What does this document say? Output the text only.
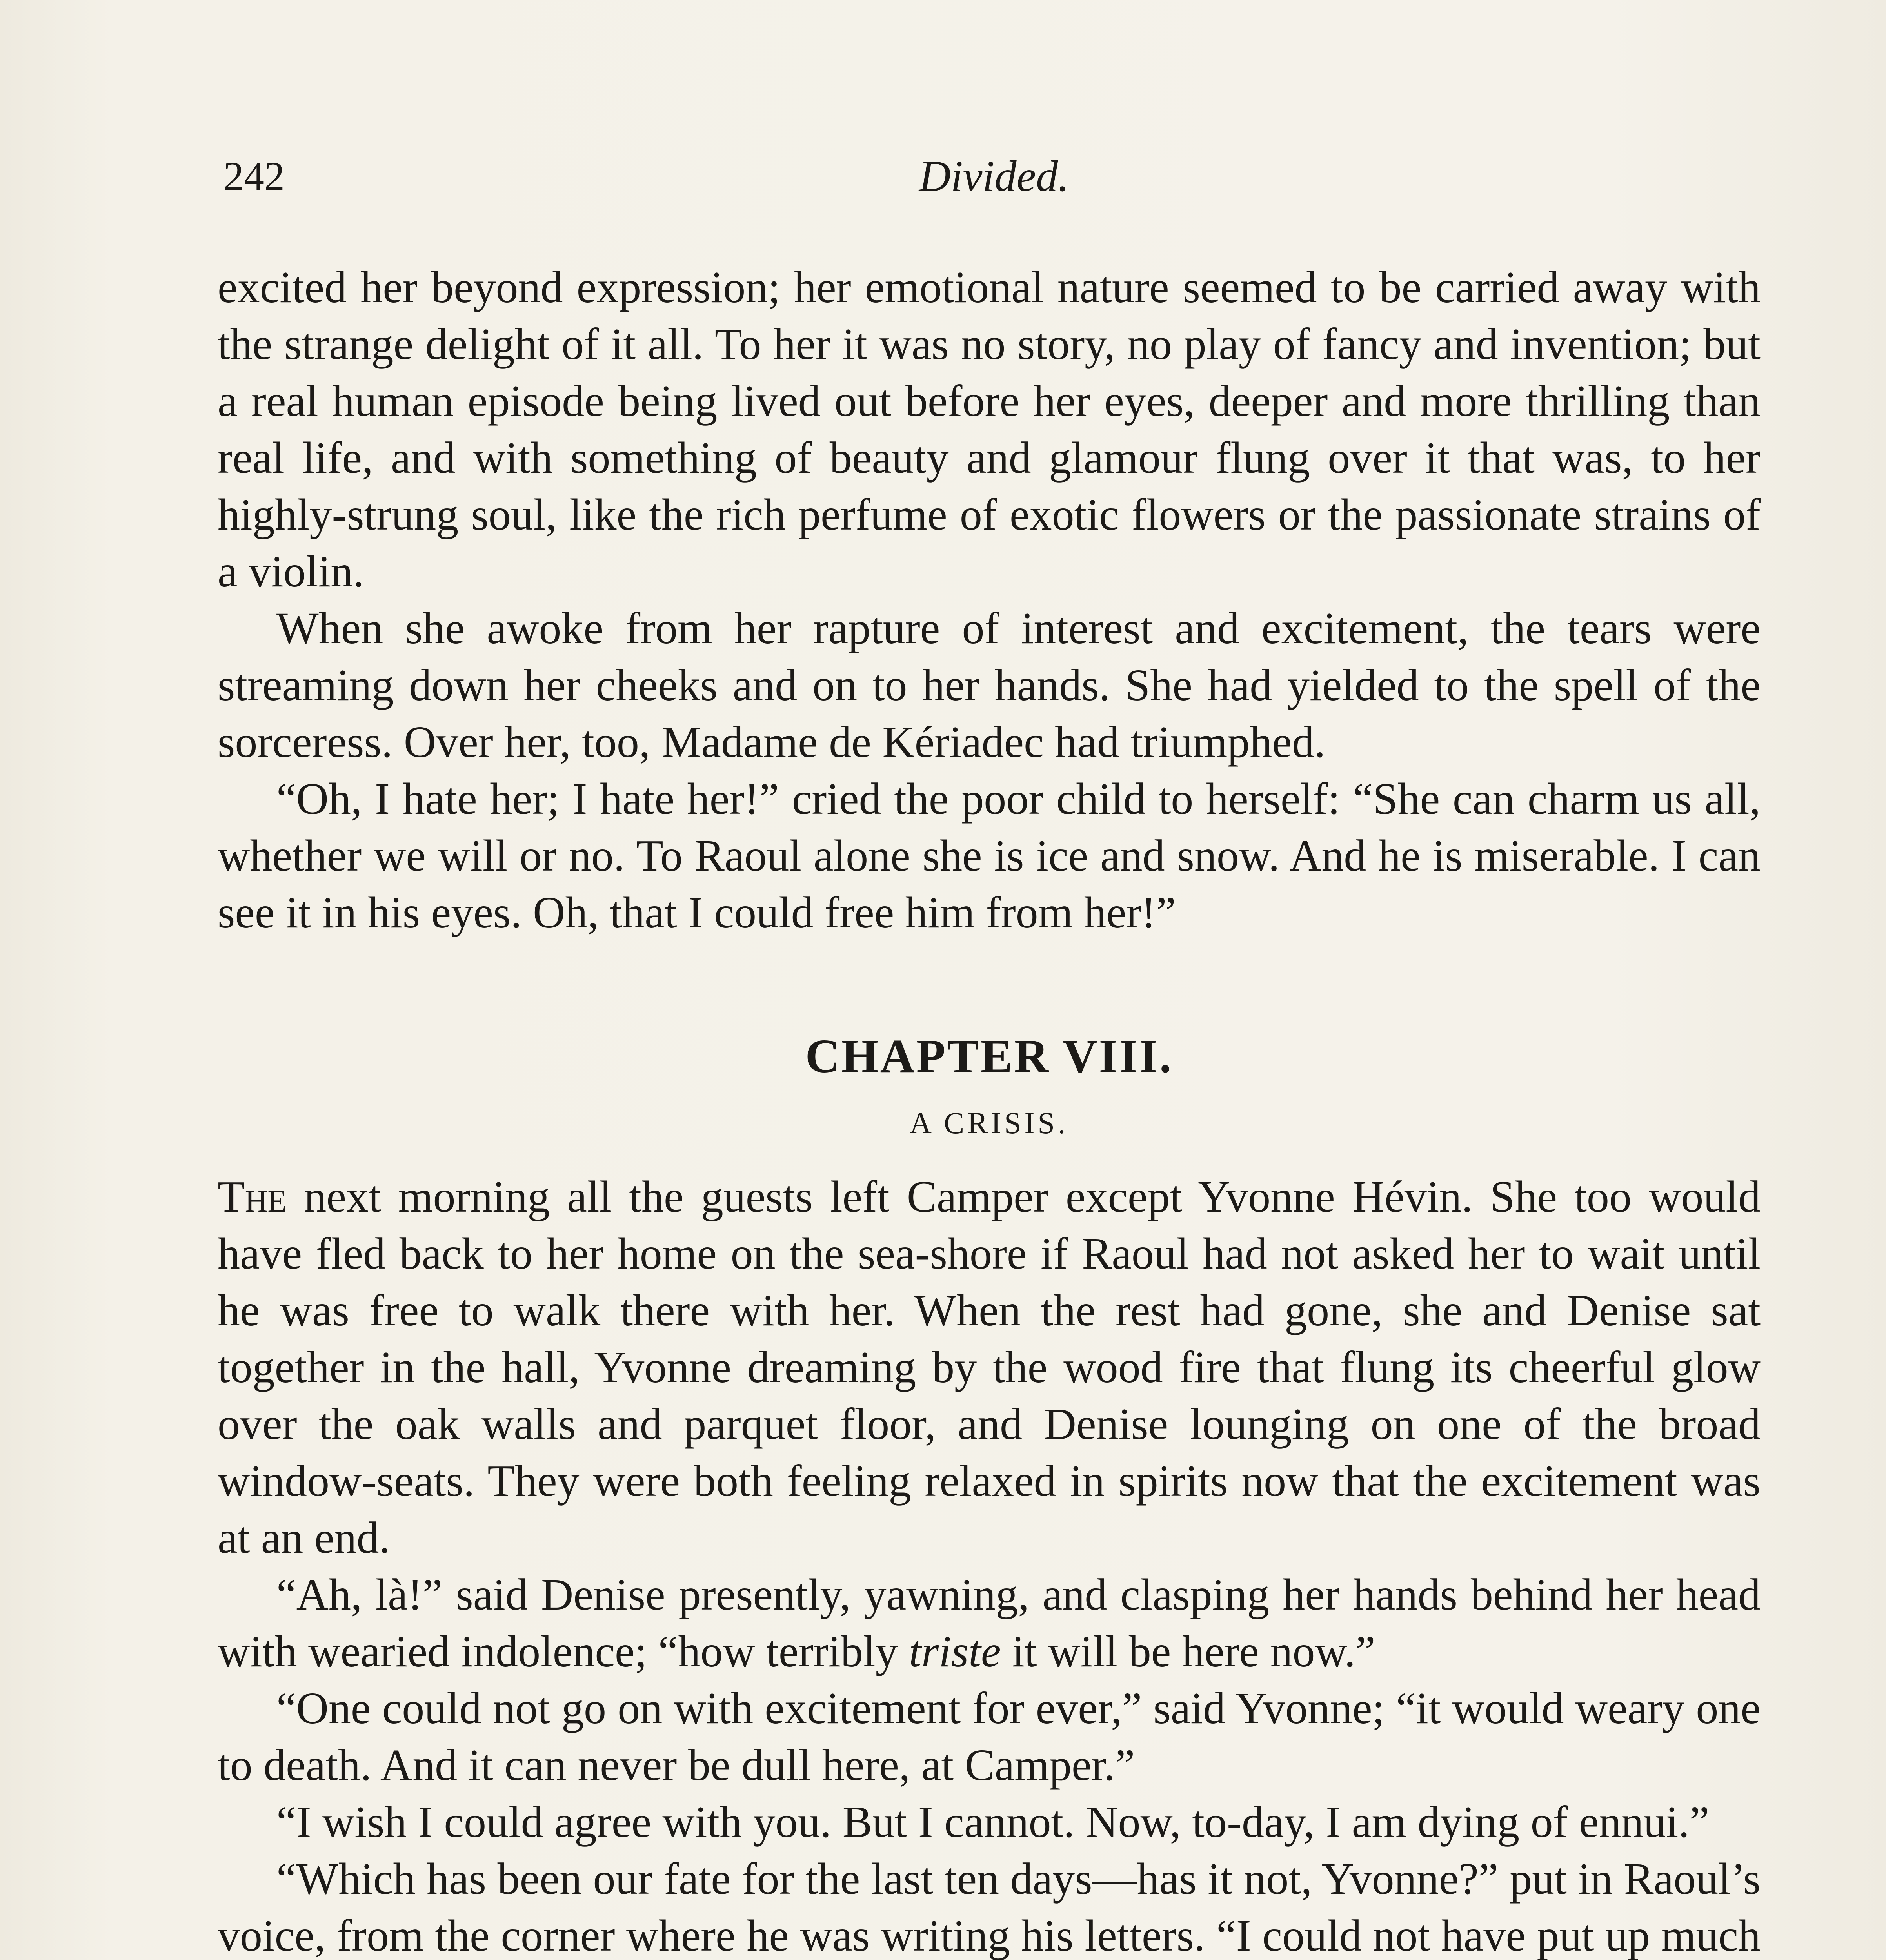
242	Divided.

excited her beyond expression; her emotional nature seemed to be carried away with the strange delight of it all. To her it was no story, no play of fancy and invention; but a real human episode being lived out before her eyes, deeper and more thrilling than real life, and with something of beauty and glamour flung over it that was, to her highly-strung soul, like the rich perfume of exotic flowers or the passionate strains of a violin.

When she awoke from her rapture of interest and excitement, the tears were streaming down her cheeks and on to her hands. She had yielded to the spell of the sorceress. Over her, too, Madame de Kériadec had triumphed.

“Oh, I hate her; I hate her!” cried the poor child to herself: “She can charm us all, whether we will or no. To Raoul alone she is ice and snow. And he is miserable. I can see it in his eyes. Oh, that I could free him from her!”

CHAPTER VIII.
A CRISIS.

The next morning all the guests left Camper except Yvonne Hévin. She too would have fled back to her home on the sea-shore if Raoul had not asked her to wait until he was free to walk there with her. When the rest had gone, she and Denise sat together in the hall, Yvonne dreaming by the wood fire that flung its cheerful glow over the oak walls and parquet floor, and Denise lounging on one of the broad window-seats. They were both feeling relaxed in spirits now that the excitement was at an end.

“Ah, là!” said Denise presently, yawning, and clasping her hands behind her head with wearied indolence; “how terribly triste it will be here now.”

“One could not go on with excitement for ever,” said Yvonne; “it would weary one to death. And it can never be dull here, at Camper.”

“I wish I could agree with you. But I cannot. Now, to-day, I am dying of ennui.”

“Which has been our fate for the last ten days—has it not, Yvonne?” put in Raoul’s voice, from the corner where he was writing his letters. “I could not have put up much
